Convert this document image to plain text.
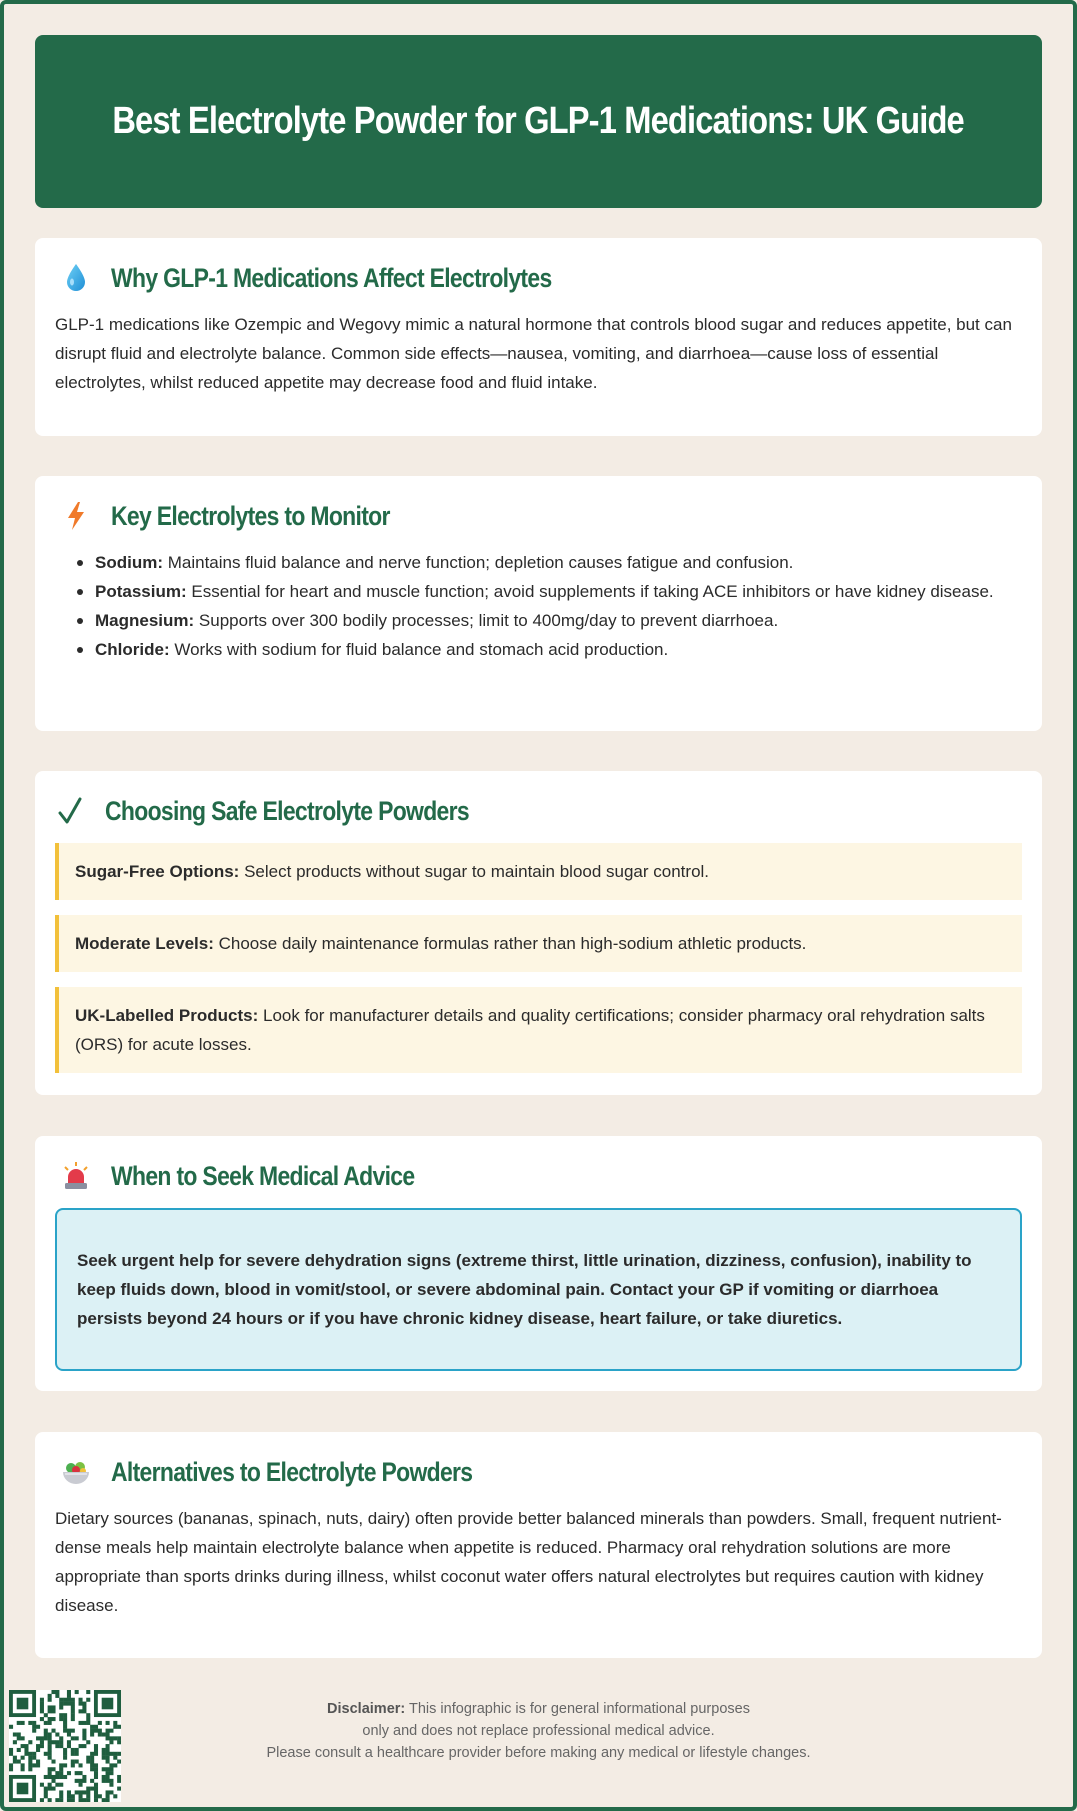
Best Electrolyte Powder for GLP-1 Medications: UK Guide
Why GLP-1 Medications Affect Electrolytes

GLP-1 medications like Ozempic and Wegovy mimic a natural hormone that controls blood sugar and reduces appetite, but can disrupt fluid and electrolyte balance. Common side effects—nausea, vomiting, and diarrhoea—cause loss of essential electrolytes, whilst reduced appetite may decrease food and fluid intake.

Key Electrolytes to Monitor
Sodium: Maintains fluid balance and nerve function; depletion causes fatigue and confusion.
Potassium: Essential for heart and muscle function; avoid supplements if taking ACE inhibitors or have kidney disease.
Magnesium: Supports over 300 bodily processes; limit to 400mg/day to prevent diarrhoea.
Chloride: Works with sodium for fluid balance and stomach acid production.
Choosing Safe Electrolyte Powders
Sugar-Free Options: Select products without sugar to maintain blood sugar control.
Moderate Levels: Choose daily maintenance formulas rather than high-sodium athletic products.
UK-Labelled Products: Look for manufacturer details and quality certifications; consider pharmacy oral rehydration salts (ORS) for acute losses.
When to Seek Medical Advice
Seek urgent help for severe dehydration signs (extreme thirst, little urination, dizziness, confusion), inability to keep fluids down, blood in vomit/stool, or severe abdominal pain. Contact your GP if vomiting or diarrhoea persists beyond 24 hours or if you have chronic kidney disease, heart failure, or take diuretics.
Alternatives to Electrolyte Powders

Dietary sources (bananas, spinach, nuts, dairy) often provide better balanced minerals than powders. Small, frequent nutrient-dense meals help maintain electrolyte balance when appetite is reduced. Pharmacy oral rehydration solutions are more appropriate than sports drinks during illness, whilst coconut water offers natural electrolytes but requires caution with kidney disease.

Disclaimer: This infographic is for general informational purposes
only and does not replace professional medical advice.
Please consult a healthcare provider before making any medical or lifestyle changes.
